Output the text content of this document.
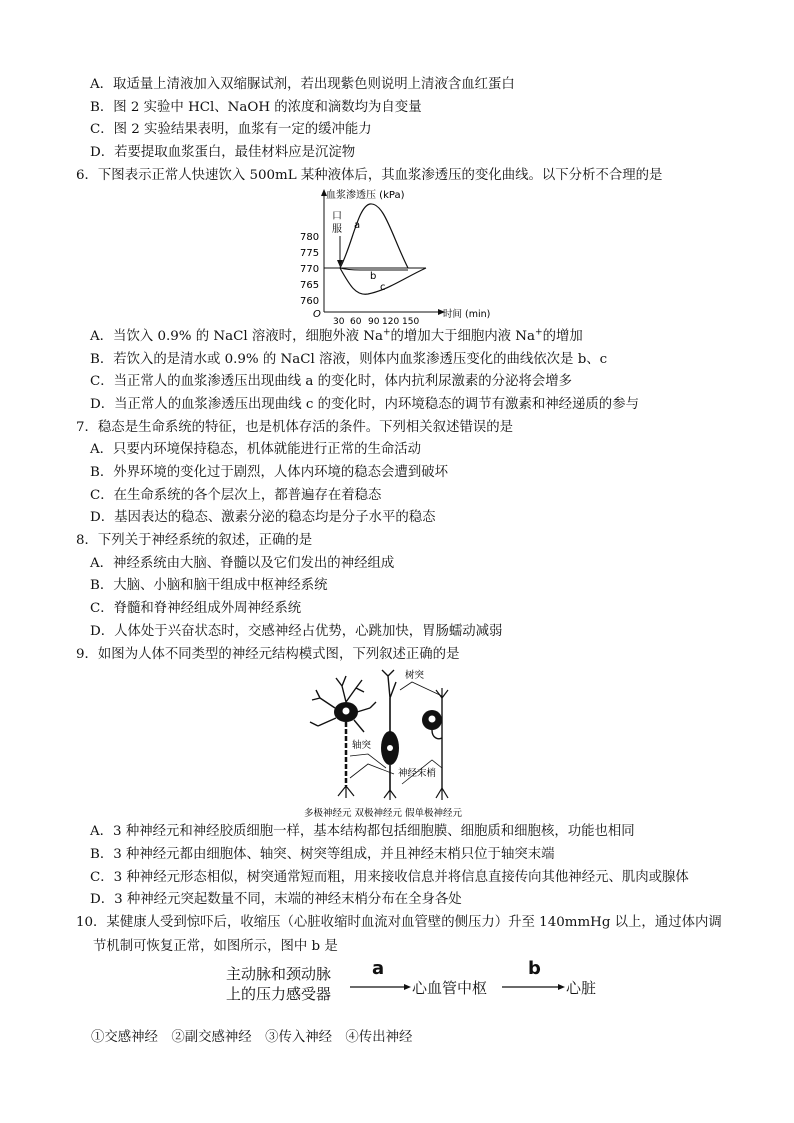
A．取适量上清液加入双缩脲试剂，若出现紫色则说明上清液含血红蛋白
B．图 2 实验中 HCl、NaOH 的浓度和滴数均为自变量
C．图 2 实验结果表明，血浆有一定的缓冲能力
D．若要提取血浆蛋白，最佳材料应是沉淀物
6．下图表示正常人快速饮入 500mL 某种液体后，其血浆渗透压的变化曲线。以下分析不合理的是
血浆渗透压 (kPa)
时间 (min)
O
780
775
770
765
760
30 60 90 120 150
口
服 a
b
c
A．当饮入 0.9% 的 NaCl 溶液时，细胞外液 Na+的增加大于细胞内液 Na+的增加
B．若饮入的是清水或 0.9% 的 NaCl 溶液，则体内血浆渗透压变化的曲线依次是 b、c
C．当正常人的血浆渗透压出现曲线 a 的变化时，体内抗利尿激素的分泌将会增多
D．当正常人的血浆渗透压出现曲线 c 的变化时，内环境稳态的调节有激素和神经递质的参与
7．稳态是生命系统的特征，也是机体存活的条件。下列相关叙述错误的是
A．只要内环境保持稳态，机体就能进行正常的生命活动
B．外界环境的变化过于剧烈，人体内环境的稳态会遭到破坏
C．在生命系统的各个层次上，都普遍存在着稳态
D．基因表达的稳态、激素分泌的稳态均是分子水平的稳态
8．下列关于神经系统的叙述，正确的是
A．神经系统由大脑、脊髓以及它们发出的神经组成
B．大脑、小脑和脑干组成中枢神经系统
C．脊髓和脊神经组成外周神经系统
D．人体处于兴奋状态时，交感神经占优势，心跳加快，胃肠蠕动减弱
9．如图为人体不同类型的神经元结构模式图，下列叙述正确的是
树突
轴突
神经末梢
多极神经元 双极神经元 假单极神经元
A．3 种神经元和神经胶质细胞一样，基本结构都包括细胞膜、细胞质和细胞核，功能也相同
B．3 种神经元都由细胞体、轴突、树突等组成，并且神经末梢只位于轴突末端
C．3 种神经元形态相似，树突通常短而粗，用来接收信息并将信息直接传向其他神经元、肌肉或腺体
D．3 种神经元突起数量不同，末端的神经末梢分布在全身各处
10．某健康人受到惊吓后，收缩压（心脏收缩时血流对血管壁的侧压力）升至 140mmHg 以上，通过体内调
节机制可恢复正常，如图所示，图中 b 是
主动脉和颈动脉
上的压力感受器
a
心血管中枢
b
心脏
①交感神经　②副交感神经　③传入神经　④传出神经
